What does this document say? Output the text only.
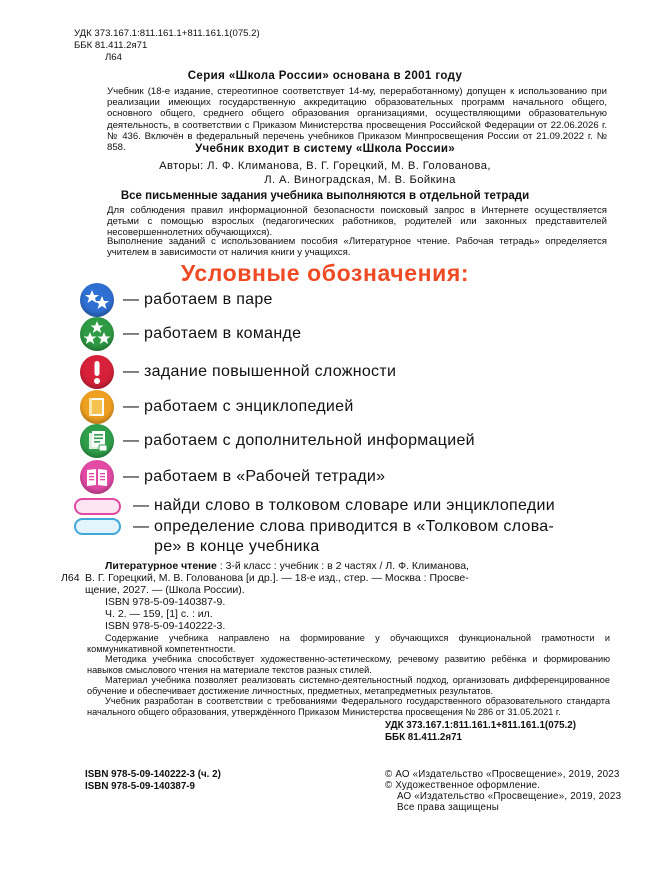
УДК 373.167.1:811.161.1+811.161.1(075.2)
ББК 81.411.2я71
Л64
Серия «Школа России» основана в 2001 году
Учебник (18-е издание, стереотипное соответствует 14-му, переработанному) допущен к использованию при реализации имеющих государственную аккредитацию образовательных программ начального общего, основного общего, среднего общего образования организациями, осуществляющими образовательную деятельность, в соответствии с Приказом Министерства просвещения Российской Федерации от 22.06.2026 г. № 436. Включён в федеральный перечень учебников Приказом Минпросвещения России от 21.09.2022 г. № 858.	Учебник входит в систему «Школа России»
Авторы: Л. Ф. Климанова, В. Г. Горецкий, М. В. Голованова,
Л. А. Виноградская, М. В. Бойкина
Все письменные задания учебника выполняются в отдельной тетради
Для соблюдения правил информационной безопасности поисковый запрос в Интернете осуществляется детьми с помощью взрослых (педагогических работников, родителей или законных представителей несовершеннолетних обучающихся).
Выполнение заданий с использованием пособия «Литературное чтение. Рабочая тетрадь» определяется учителем в зависимости от наличия книги у учащихся.
Условные обозначения:
— работаем в паре
— работаем в команде
— задание повышенной сложности
— работаем с энциклопедией
— работаем с дополнительной информацией
— работаем в «Рабочей тетради»
— найди слово в толковом словаре или энциклопедии
— определение слова приводится в «Толковом слова-
ре» в конце учебника
Литературное чтение : 3-й класс : учебник : в 2 частях / Л. Ф. Климанова,
Л64 В. Г. Горецкий, М. В. Голованова [и др.]. — 18-е изд., стер. — Москва : Просве-
щение, 2027. — (Школа России).
ISBN 978-5-09-140387-9.
Ч. 2. — 159, [1] с. : ил.
ISBN 978-5-09-140222-3.
Содержание учебника направлено на формирование у обучающихся функциональной грамотности и коммуникативной компетентности.
Методика учебника способствует художественно-эстетическому, речевому развитию ребёнка и формированию навыков смыслового чтения на материале текстов разных стилей.
Материал учебника позволяет реализовать системно-деятельностный подход, организовать дифференцированное обучение и обеспечивает достижение личностных, предметных, метапредметных результатов.
Учебник разработан в соответствии с требованиями Федерального государственного образовательного стандарта начального общего образования, утверждённого Приказом Министерства просвещения № 286 от 31.05.2021 г.
УДК 373.167.1:811.161.1+811.161.1(075.2)
ББК 81.411.2я71
ISBN 978-5-09-140222-3 (ч. 2)
ISBN 978-5-09-140387-9
© АО «Издательство «Просвещение», 2019, 2023
© Художественное оформление.
АО «Издательство «Просвещение», 2019, 2023
Все права защищены
